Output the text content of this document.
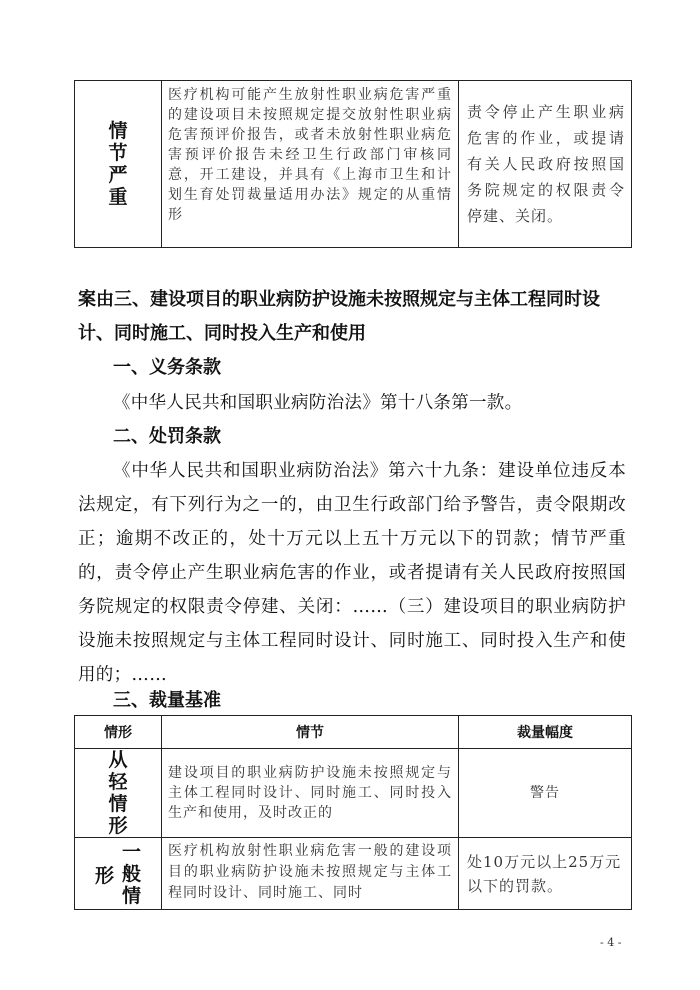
情
节
严
重
	医疗机构可能产生放射性职业病危害严重的建设项目未按照规定提交放射性职业病危害预评价报告，或者未放射性职业病危害预评价报告未经卫生行政部门审核同意，开工建设，并具有《上海市卫生和计划生育处罚裁量适用办法》规定的从重情形	责令停止产生职业病危害的作业，或提请有关人民政府按照国务院规定的权限责令停建、关闭。

案由三、建设项目的职业病防护设施未按照规定与主体工程同时设计、同时施工、同时投入生产和使用

一、义务条款

《中华人民共和国职业病防治法》第十八条第一款。

二、处罚条款

《中华人民共和国职业病防治法》第六十九条：建设单位违反本法规定，有下列行为之一的，由卫生行政部门给予警告，责令限期改正；逾期不改正的，处十万元以上五十万元以下的罚款；情节严重的，责令停止产生职业病危害的作业，或者提请有关人民政府按照国务院规定的权限责令停建、关闭：……（三）建设项目的职业病防护设施未按照规定与主体工程同时设计、同时施工、同时投入生产和使用的；……

三、裁量基准

情形	情节	裁量幅度

从
轻
情
形	建设项目的职业病防护设施未按照规定与主体工程同时设计、同时施工、同时投入生产和使用，及时改正的	警告

形
一
般
情	医疗机构放射性职业病危害一般的建设项目的职业病防护设施未按照规定与主体工程同时设计、同时施工、同时	处10万元以上25万元以下的罚款。
- 4 -
